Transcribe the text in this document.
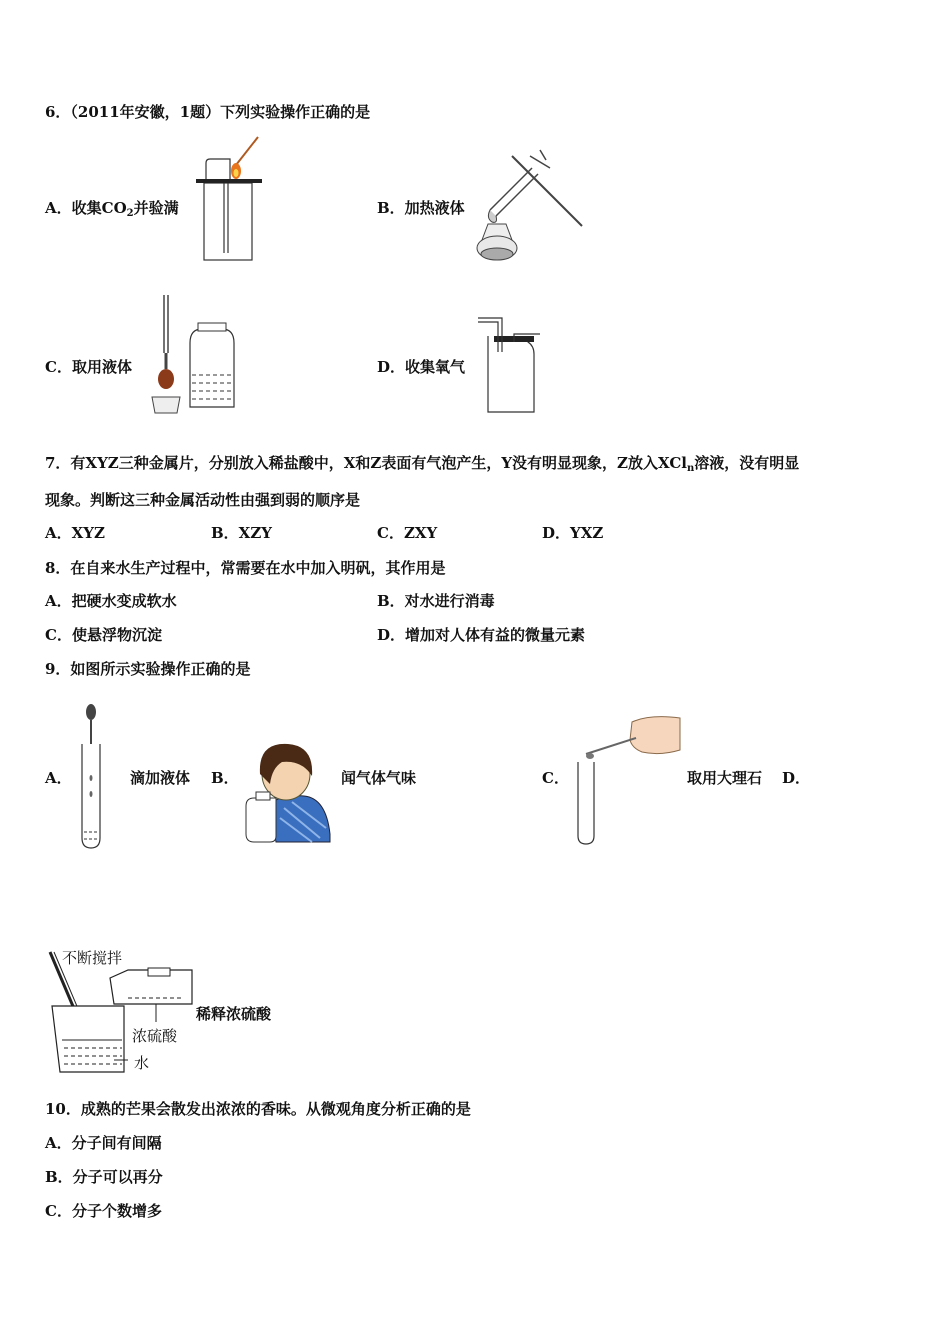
6．（2011年安徽，1题）下列实验操作正确的是
A．收集$CO_2$并验满	B．加热液体
C．取用液体	D．收集氧气
7．有XYZ三种金属片，分别放入稀盐酸中，X和Z表面有气泡产生，Y没有明显现象，Z放入XCl$_n$溶液，没有明显
现象。判断这三种金属活动性由强到弱的顺序是
A．XYZ	B．XZY	C．ZXY	D．YXZ
8．在自来水生产过程中，常需要在水中加入明矾，其作用是
A．把硬水变成软水	B．对水进行消毒
C．使悬浮物沉淀	D．增加对人体有益的微量元素
9．如图所示实验操作正确的是
A．	滴加液体 B．	闻气体气味	C．	取用大理石 D．
不断搅拌
浓硫酸
水
稀释浓硫酸
10．成熟的芒果会散发出浓浓的香味。从微观角度分析正确的是
A．分子间有间隔
B．分子可以再分
C．分子个数增多
